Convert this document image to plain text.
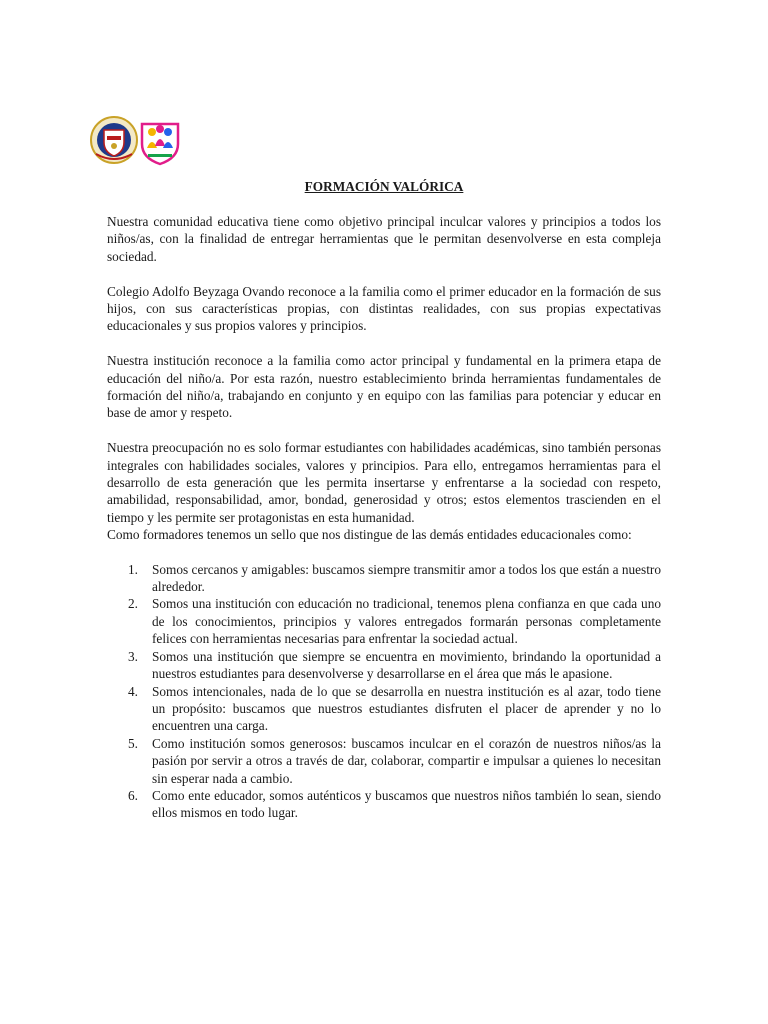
FORMACIÓN VALÓRICA

Nuestra comunidad educativa tiene como objetivo principal inculcar valores y principios a todos los niños/as, con la finalidad de entregar herramientas que le permitan desenvolverse en esta compleja sociedad.

Colegio Adolfo Beyzaga Ovando reconoce a la familia como el primer educador en la formación de sus hijos, con sus características propias, con distintas realidades, con sus propias expectativas educacionales y sus propios valores y principios.

Nuestra institución reconoce a la familia como actor principal y fundamental en la primera etapa de educación del niño/a. Por esta razón, nuestro establecimiento brinda herramientas fundamentales de formación del niño/a, trabajando en conjunto y en equipo con las familias para potenciar y educar en base de amor y respeto.

Nuestra preocupación no es solo formar estudiantes con habilidades académicas, sino también personas integrales con habilidades sociales, valores y principios. Para ello, entregamos herramientas para el desarrollo de esta generación que les permita insertarse y enfrentarse a la sociedad con respeto, amabilidad, responsabilidad, amor, bondad, generosidad y otros; estos elementos trascienden en el tiempo y les permite ser protagonistas en esta humanidad.

Como formadores tenemos un sello que nos distingue de las demás entidades educacionales como:

1. Somos cercanos y amigables: buscamos siempre transmitir amor a todos los que están a nuestro alrededor.
2. Somos una institución con educación no tradicional, tenemos plena confianza en que cada uno de los conocimientos, principios y valores entregados formarán personas completamente felices con herramientas necesarias para enfrentar la sociedad actual.
3. Somos una institución que siempre se encuentra en movimiento, brindando la oportunidad a nuestros estudiantes para desenvolverse y desarrollarse en el área que más le apasione.
4. Somos intencionales, nada de lo que se desarrolla en nuestra institución es al azar, todo tiene un propósito: buscamos que nuestros estudiantes disfruten el placer de aprender y no lo encuentren una carga.
5. Como institución somos generosos: buscamos inculcar en el corazón de nuestros niños/as la pasión por servir a otros a través de dar, colaborar, compartir e impulsar a quienes lo necesitan sin esperar nada a cambio.
6. Como ente educador, somos auténticos y buscamos que nuestros niños también lo sean, siendo ellos mismos en todo lugar.
